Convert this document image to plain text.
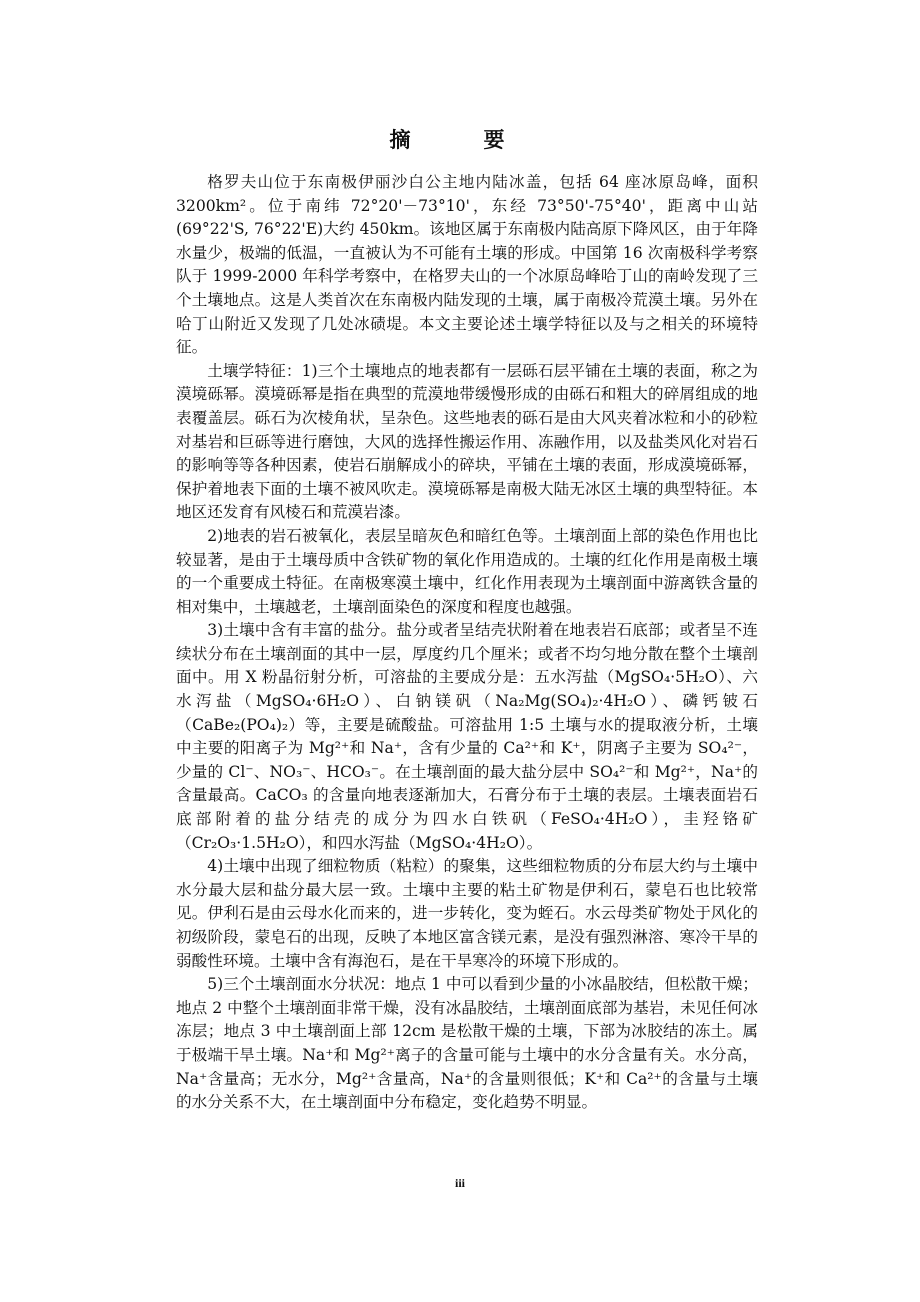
摘　要

格罗夫山位于东南极伊丽沙白公主地内陆冰盖，包括 64 座冰原岛峰，面积 3200km²。位于南纬 72°20'－73°10'，东经 73°50'-75°40'，距离中山站(69°22'S, 76°22'E)大约 450km。该地区属于东南极内陆高原下降风区，由于年降水量少，极端的低温，一直被认为不可能有土壤的形成。中国第 16 次南极科学考察队于 1999-2000 年科学考察中，在格罗夫山的一个冰原岛峰哈丁山的南岭发现了三个土壤地点。这是人类首次在东南极内陆发现的土壤，属于南极冷荒漠土壤。另外在哈丁山附近又发现了几处冰碛堤。本文主要论述土壤学特征以及与之相关的环境特征。

土壤学特征：1)三个土壤地点的地表都有一层砾石层平铺在土壤的表面，称之为漠境砾幂。漠境砾幂是指在典型的荒漠地带缓慢形成的由砾石和粗大的碎屑组成的地表覆盖层。砾石为次棱角状，呈杂色。这些地表的砾石是由大风夹着冰粒和小的砂粒对基岩和巨砾等进行磨蚀，大风的选择性搬运作用、冻融作用，以及盐类风化对岩石的影响等等各种因素，使岩石崩解成小的碎块，平铺在土壤的表面，形成漠境砾幂，保护着地表下面的土壤不被风吹走。漠境砾幂是南极大陆无冰区土壤的典型特征。本地区还发育有风棱石和荒漠岩漆。

2)地表的岩石被氧化，表层呈暗灰色和暗红色等。土壤剖面上部的染色作用也比较显著，是由于土壤母质中含铁矿物的氧化作用造成的。土壤的红化作用是南极土壤的一个重要成土特征。在南极寒漠土壤中，红化作用表现为土壤剖面中游离铁含量的相对集中，土壤越老，土壤剖面染色的深度和程度也越强。

3)土壤中含有丰富的盐分。盐分或者呈结壳状附着在地表岩石底部；或者呈不连续状分布在土壤剖面的其中一层，厚度约几个厘米；或者不均匀地分散在整个土壤剖面中。用 X 粉晶衍射分析，可溶盐的主要成分是：五水泻盐（MgSO₄·5H₂O）、六水泻盐（MgSO₄·6H₂O）、白钠镁矾（Na₂Mg(SO₄)₂·4H₂O）、磷钙铍石（CaBe₂(PO₄)₂）等，主要是硫酸盐。可溶盐用 1:5 土壤与水的提取液分析，土壤中主要的阳离子为 Mg²⁺和 Na⁺，含有少量的 Ca²⁺和 K⁺，阴离子主要为 SO₄²⁻，少量的 Cl⁻、NO₃⁻、HCO₃⁻。在土壤剖面的最大盐分层中 SO₄²⁻和 Mg²⁺，Na⁺的含量最高。CaCO₃ 的含量向地表逐渐加大，石膏分布于土壤的表层。土壤表面岩石底部附着的盐分结壳的成分为四水白铁矾（FeSO₄·4H₂O），圭羟铬矿（Cr₂O₃·1.5H₂O），和四水泻盐（MgSO₄·4H₂O）。

4)土壤中出现了细粒物质（粘粒）的聚集，这些细粒物质的分布层大约与土壤中水分最大层和盐分最大层一致。土壤中主要的粘土矿物是伊利石，蒙皂石也比较常见。伊利石是由云母水化而来的，进一步转化，变为蛭石。水云母类矿物处于风化的初级阶段，蒙皂石的出现，反映了本地区富含镁元素，是没有强烈淋溶、寒冷干旱的弱酸性环境。土壤中含有海泡石，是在干旱寒冷的环境下形成的。

5)三个土壤剖面水分状况：地点 1 中可以看到少量的小冰晶胶结，但松散干燥；地点 2 中整个土壤剖面非常干燥，没有冰晶胶结，土壤剖面底部为基岩，未见任何冰冻层；地点 3 中土壤剖面上部 12cm 是松散干燥的土壤，下部为冰胶结的冻土。属于极端干旱土壤。Na⁺和 Mg²⁺离子的含量可能与土壤中的水分含量有关。水分高，Na⁺含量高；无水分，Mg²⁺含量高，Na⁺的含量则很低；K⁺和 Ca²⁺的含量与土壤的水分关系不大，在土壤剖面中分布稳定，变化趋势不明显。

iii
